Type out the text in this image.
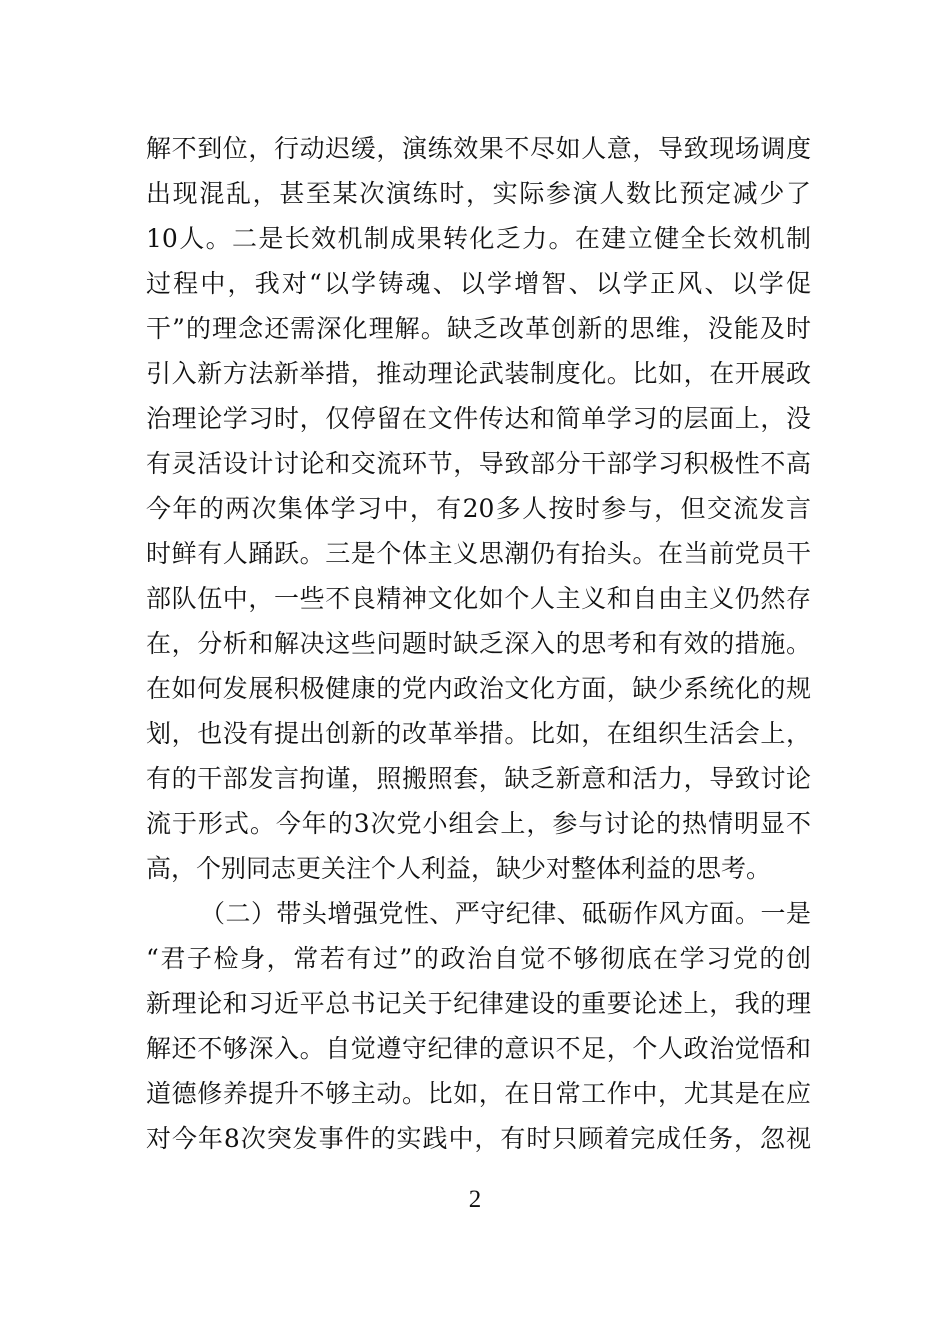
解不到位，行动迟缓，演练效果不尽如人意，导致现场调度
出现混乱，甚至某次演练时，实际参演人数比预定减少了
10人。二是长效机制成果转化乏力。在建立健全长效机制
过程中，我对“以学铸魂、以学增智、以学正风、以学促
干”的理念还需深化理解。缺乏改革创新的思维，没能及时
引入新方法新举措，推动理论武装制度化。比如，在开展政
治理论学习时，仅停留在文件传达和简单学习的层面上，没
有灵活设计讨论和交流环节，导致部分干部学习积极性不高
今年的两次集体学习中，有20多人按时参与，但交流发言
时鲜有人踊跃。三是个体主义思潮仍有抬头。在当前党员干
部队伍中，一些不良精神文化如个人主义和自由主义仍然存
在，分析和解决这些问题时缺乏深入的思考和有效的措施。
在如何发展积极健康的党内政治文化方面，缺少系统化的规
划，也没有提出创新的改革举措。比如，在组织生活会上，
有的干部发言拘谨，照搬照套，缺乏新意和活力，导致讨论
流于形式。今年的3次党小组会上，参与讨论的热情明显不
高，个别同志更关注个人利益，缺少对整体利益的思考。
（二）带头增强党性、严守纪律、砥砺作风方面。一是
“君子检身，常若有过”的政治自觉不够彻底在学习党的创
新理论和习近平总书记关于纪律建设的重要论述上，我的理
解还不够深入。自觉遵守纪律的意识不足，个人政治觉悟和
道德修养提升不够主动。比如，在日常工作中，尤其是在应
对今年8次突发事件的实践中，有时只顾着完成任务，忽视
2
